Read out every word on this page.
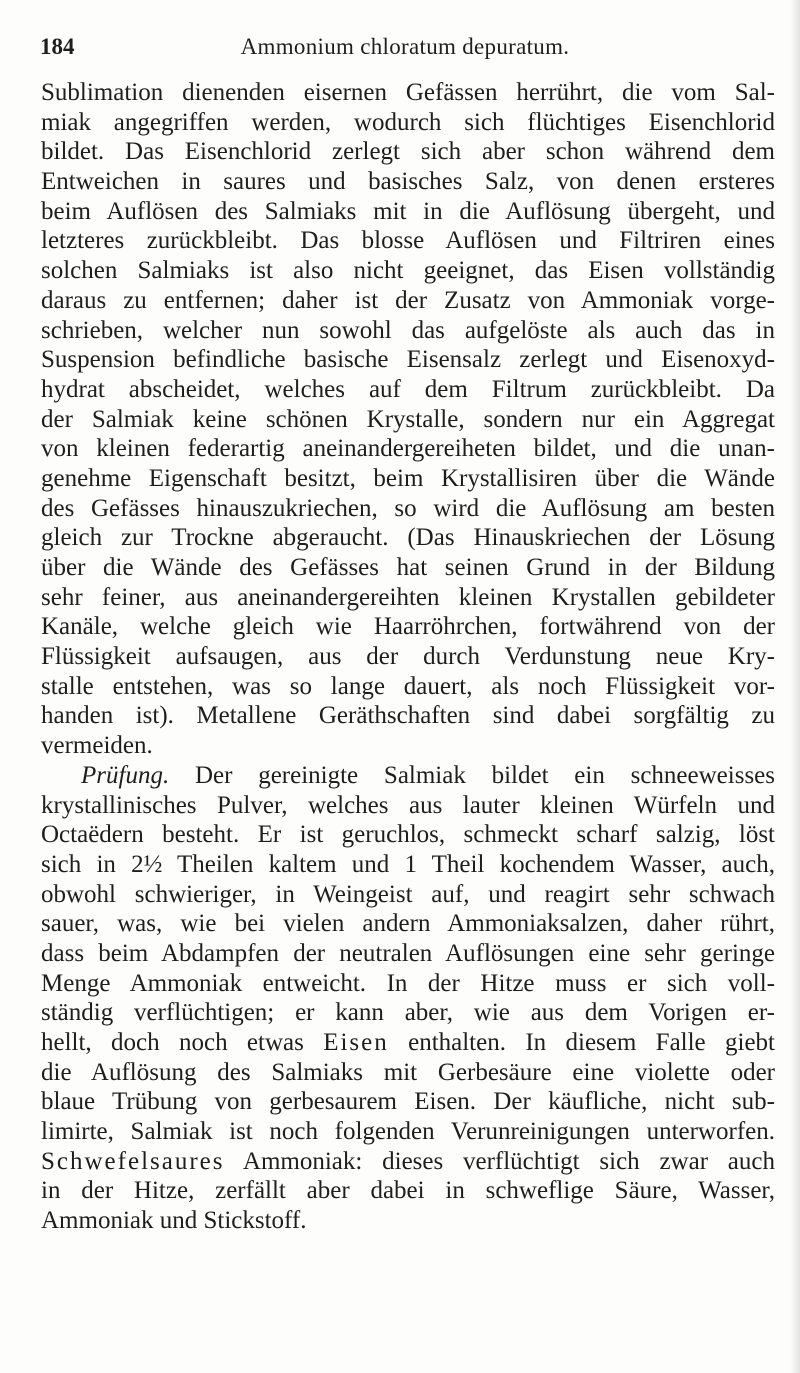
184	Ammonium chloratum depuratum.
Sublimation dienenden eisernen Gefässen herrührt, die vom Sal-
miak angegriffen werden, wodurch sich flüchtiges Eisenchlorid
bildet. Das Eisenchlorid zerlegt sich aber schon während dem
Entweichen in saures und basisches Salz, von denen ersteres
beim Auflösen des Salmiaks mit in die Auflösung übergeht, und
letzteres zurückbleibt. Das blosse Auflösen und Filtriren eines
solchen Salmiaks ist also nicht geeignet, das Eisen vollständig
daraus zu entfernen; daher ist der Zusatz von Ammoniak vorge-
schrieben, welcher nun sowohl das aufgelöste als auch das in
Suspension befindliche basische Eisensalz zerlegt und Eisenoxyd-
hydrat abscheidet, welches auf dem Filtrum zurückbleibt. Da
der Salmiak keine schönen Krystalle, sondern nur ein Aggregat
von kleinen federartig aneinandergereiheten bildet, und die unan-
genehme Eigenschaft besitzt, beim Krystallisiren über die Wände
des Gefässes hinauszukriechen, so wird die Auflösung am besten
gleich zur Trockne abgeraucht. (Das Hinauskriechen der Lösung
über die Wände des Gefässes hat seinen Grund in der Bildung
sehr feiner, aus aneinandergereihten kleinen Krystallen gebildeter
Kanäle, welche gleich wie Haarröhrchen, fortwährend von der
Flüssigkeit aufsaugen, aus der durch Verdunstung neue Kry-
stalle entstehen, was so lange dauert, als noch Flüssigkeit vor-
handen ist). Metallene Geräthschaften sind dabei sorgfältig zu
vermeiden.
Prüfung. Der gereinigte Salmiak bildet ein schneeweisses
krystallinisches Pulver, welches aus lauter kleinen Würfeln und
Octaëdern besteht. Er ist geruchlos, schmeckt scharf salzig, löst
sich in 2½ Theilen kaltem und 1 Theil kochendem Wasser, auch,
obwohl schwieriger, in Weingeist auf, und reagirt sehr schwach
sauer, was, wie bei vielen andern Ammoniaksalzen, daher rührt,
dass beim Abdampfen der neutralen Auflösungen eine sehr geringe
Menge Ammoniak entweicht. In der Hitze muss er sich voll-
ständig verflüchtigen; er kann aber, wie aus dem Vorigen er-
hellt, doch noch etwas Eisen enthalten. In diesem Falle giebt
die Auflösung des Salmiaks mit Gerbesäure eine violette oder
blaue Trübung von gerbesaurem Eisen. Der käufliche, nicht sub-
limirte, Salmiak ist noch folgenden Verunreinigungen unterworfen.
Schwefelsaures Ammoniak: dieses verflüchtigt sich zwar auch
in der Hitze, zerfällt aber dabei in schweflige Säure, Wasser,
Ammoniak und Stickstoff.
